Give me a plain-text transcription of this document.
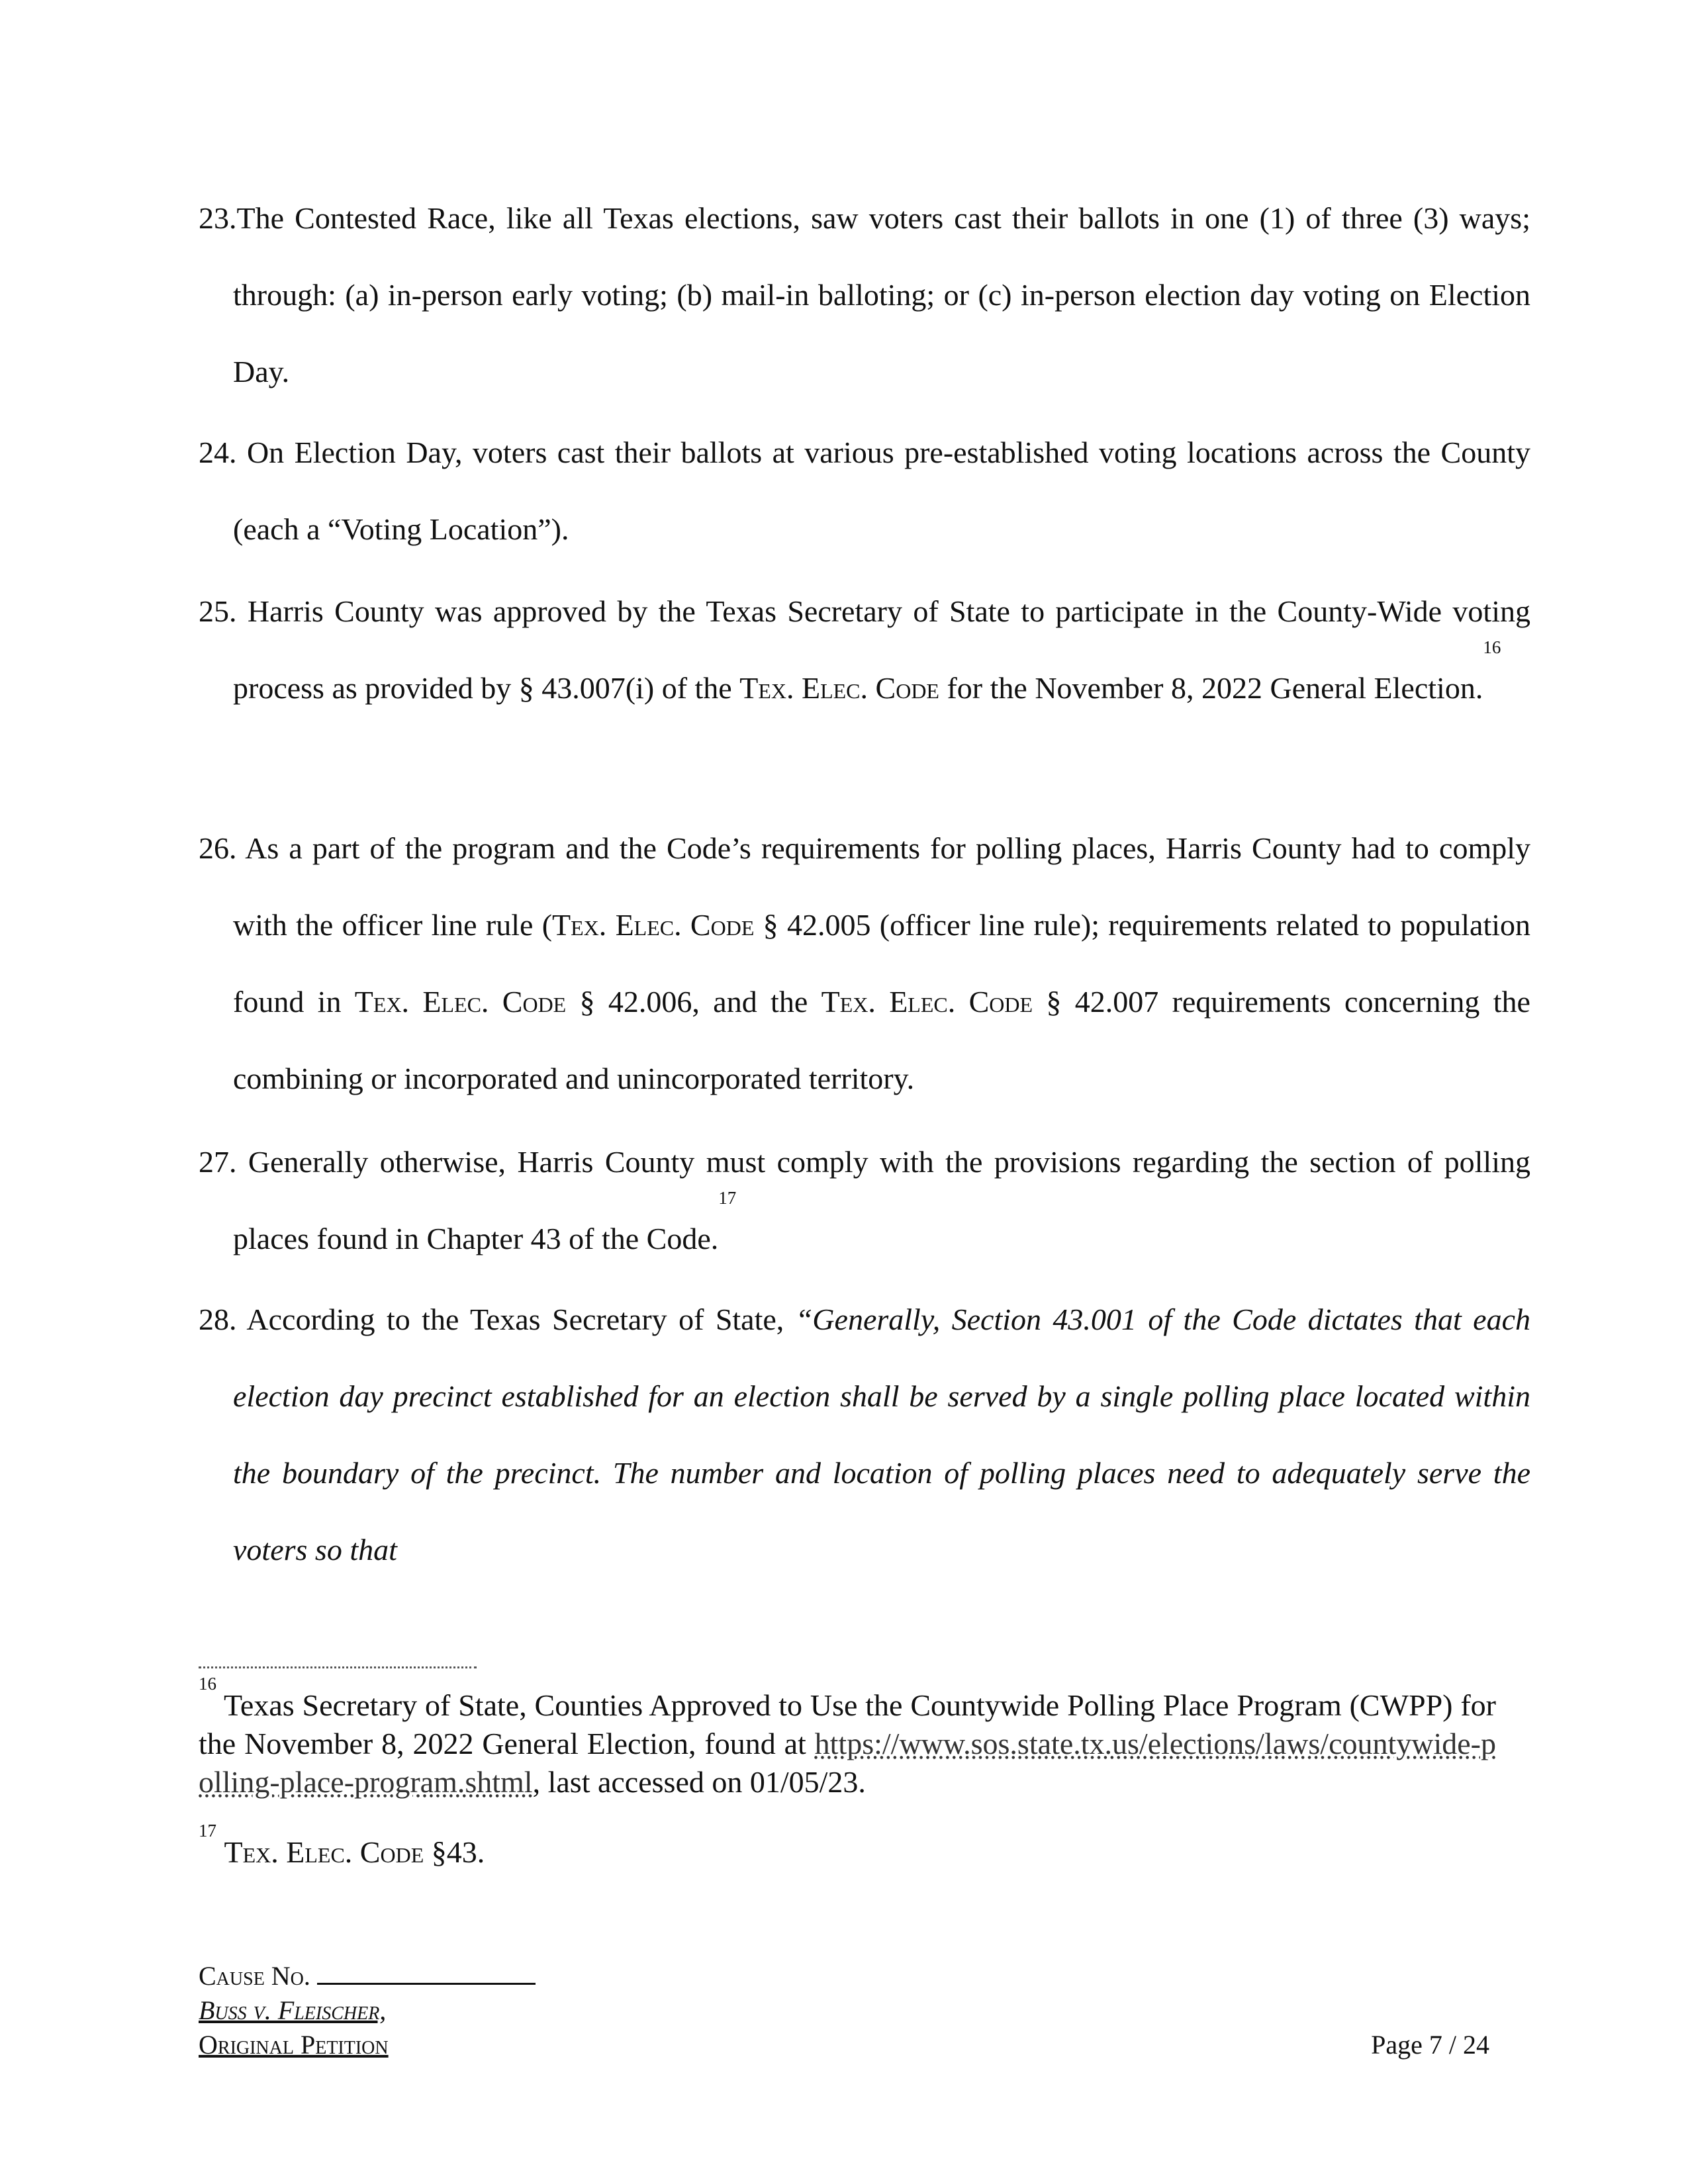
23.The Contested Race, like all Texas elections, saw voters cast their ballots in one (1) of three (3) ways; through: (a) in-person early voting; (b) mail-in balloting; or (c) in-person election day voting on Election Day.
24. On Election Day, voters cast their ballots at various pre-established voting locations across the County (each a “Voting Location”).
25. Harris County was approved by the Texas Secretary of State to participate in the County-Wide voting process as provided by § 43.007(i) of the Tex. Elec. Code for the November 8, 2022 General Election.$^{16}$
26. As a part of the program and the Code’s requirements for polling places, Harris County had to comply with the officer line rule (Tex. Elec. Code § 42.005 (officer line rule); requirements related to population found in Tex. Elec. Code § 42.006, and the Tex. Elec. Code § 42.007 requirements concerning the combining or incorporated and unincorporated territory.
27. Generally otherwise, Harris County must comply with the provisions regarding the section of polling places found in Chapter 43 of the Code.$^{17}$
28. According to the Texas Secretary of State, “Generally, Section 43.001 of the Code dictates that each election day precinct established for an election shall be served by a single polling place located within the boundary of the precinct. The number and location of polling places need to adequately serve the voters so that
$^{16}$ Texas Secretary of State, Counties Approved to Use the Countywide Polling Place Program (CWPP) for the November 8, 2022 General Election, found at https://www.sos.state.tx.us/elections/laws/countywide-polling-place-program.shtml, last accessed on 01/05/23.
$^{17}$ Tex. Elec. Code §43.
Cause No.
Buss v. Fleischer,
Original Petition	Page 7 / 24
